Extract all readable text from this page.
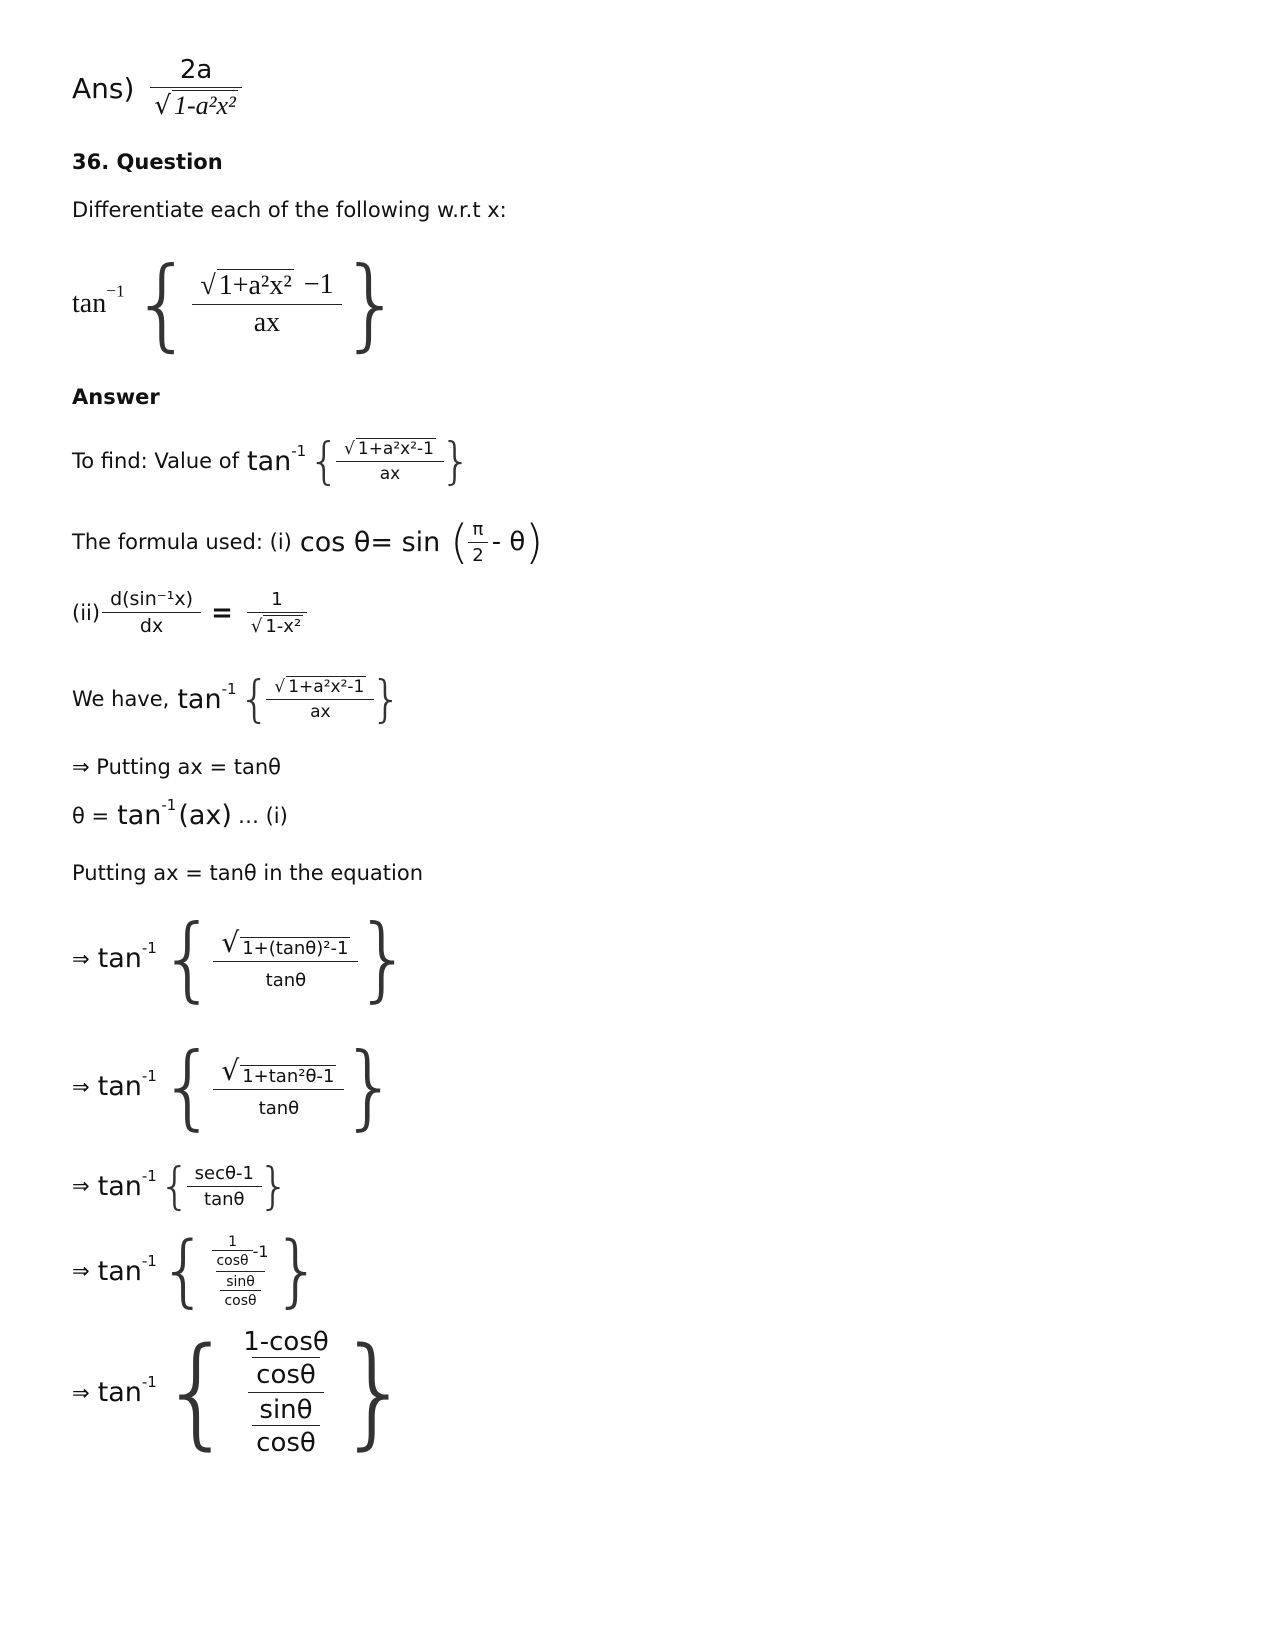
$Ans) \frac{2a}{\text{√ 1-a²x²}}$
36. Question
Differentiate each of the following w.r.t x:
$\tan^{-1}$ { $\frac{\text{√ 1+a²x² −1}}{ax}$ }
Answer
To find: Value of $\tan^{-1}$ { $\frac{\text{√ 1+a²x²-1}}{ax}$ }
The formula used: (i) cos θ= sin ( $\frac{\pi}{2}$ - θ )
$(ii) \frac{\text{d(sin⁻¹x)}}{dx} = \frac{1}{\text{√ 1-x²}}$
We have, $\tan^{-1}$ { $\frac{\text{√ 1+a²x²-1}}{ax}$ }
⇒ Putting ax = tanθ
$\theta = \tan^{-1} (ax)$ … (i)
Putting ax = tanθ in the equation
⇒ $\tan^{-1}$ { $\frac{\text{√ 1+(tanθ)²-1}}{\tan\theta}$ }
⇒ $\tan^{-1}$ { $\frac{\text{√ 1+tan²θ-1}}{\tan\theta}$ }
⇒ $\tan^{-1}$ { $\frac{\sec\theta-1}{\tan\theta}$ }
⇒ $\tan^{-1}$ { $\frac{\frac{1}{\cos\theta} -1}{\frac{\sin\theta}{\cos\theta}}$ }
⇒ $\tan^{-1}$ { $\frac{\frac{1-\cos\theta}{\cos\theta}}{\frac{\sin\theta}{\cos\theta}}$ }
